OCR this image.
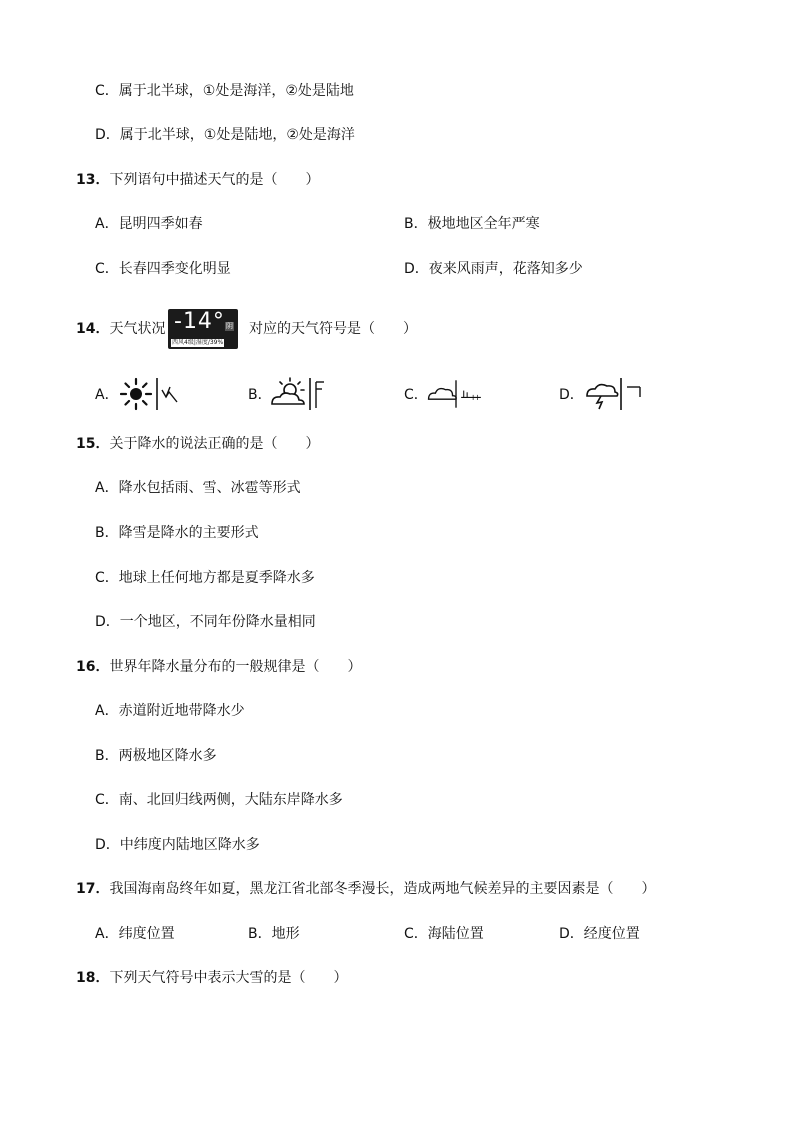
C．属于北半球，①处是海洋，②处是陆地
D．属于北半球，①处是陆地，②处是海洋
13．下列语句中描述天气的是（　　）
A．昆明四季如春	B．极地地区全年严寒
C．长春四季变化明显	D．夜来风雨声，花落知多少
14．天气状况 -14° 阴
西风4级|湿度/39%
对应的天气符号是（　　）
A．	B．	C．	D．
15．关于降水的说法正确的是（　　）
A．降水包括雨、雪、冰雹等形式
B．降雪是降水的主要形式
C．地球上任何地方都是夏季降水多
D．一个地区，不同年份降水量相同
16．世界年降水量分布的一般规律是（　　）
A．赤道附近地带降水少
B．两极地区降水多
C．南、北回归线两侧，大陆东岸降水多
D．中纬度内陆地区降水多
17．我国海南岛终年如夏，黑龙江省北部冬季漫长，造成两地气候差异的主要因素是（　　）
A．纬度位置	B．地形	C．海陆位置	D．经度位置
18．下列天气符号中表示大雪的是（　　）
